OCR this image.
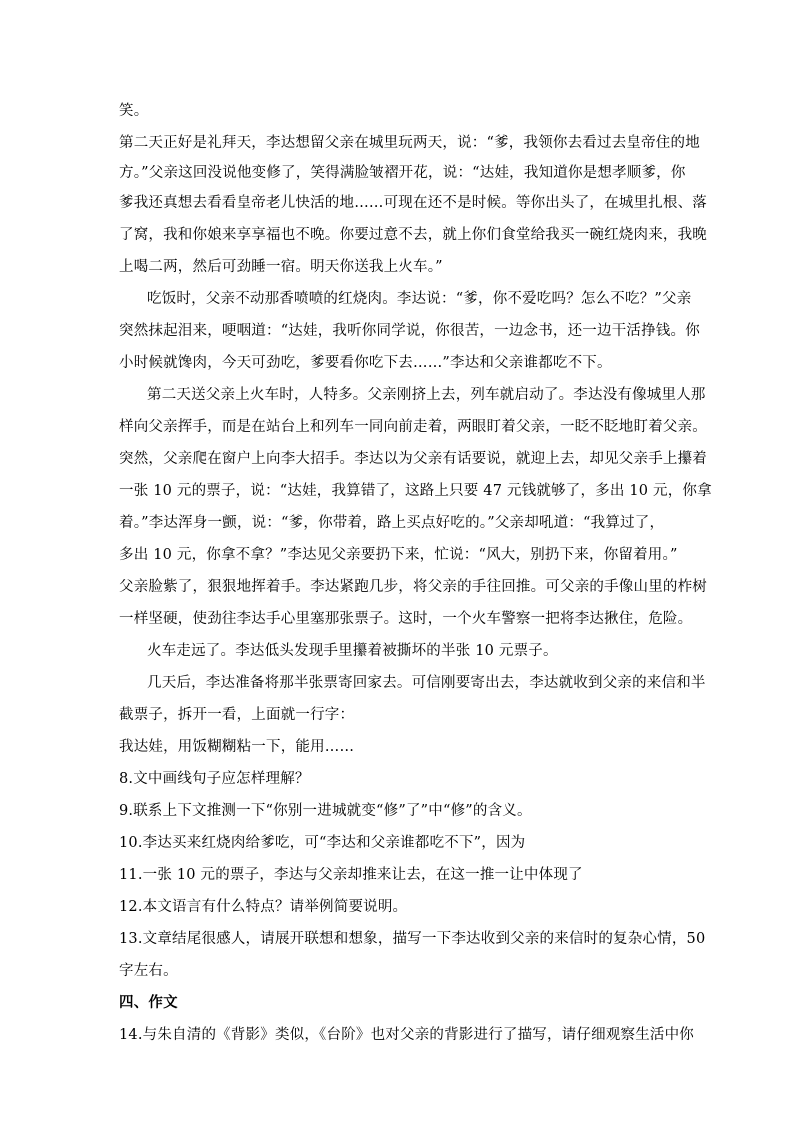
笑。
第二天正好是礼拜天，李达想留父亲在城里玩两天，说：“爹，我领你去看过去皇帝住的地
方。”父亲这回没说他变修了，笑得满脸皱褶开花，说：“达娃，我知道你是想孝顺爹，你
爹我还真想去看看皇帝老儿快活的地……可现在还不是时候。等你出头了，在城里扎根、落
了窝，我和你娘来享享福也不晚。你要过意不去，就上你们食堂给我买一碗红烧肉来，我晚
上喝二两，然后可劲睡一宿。明天你送我上火车。”
吃饭时，父亲不动那香喷喷的红烧肉。李达说：“爹，你不爱吃吗？怎么不吃？”父亲
突然抹起泪来，哽咽道：“达娃，我听你同学说，你很苦，一边念书，还一边干活挣钱。你
小时候就馋肉，今天可劲吃，爹要看你吃下去……”李达和父亲谁都吃不下。
第二天送父亲上火车时，人特多。父亲刚挤上去，列车就启动了。李达没有像城里人那
样向父亲挥手，而是在站台上和列车一同向前走着，两眼盯着父亲，一眨不眨地盯着父亲。
突然，父亲爬在窗户上向李大招手。李达以为父亲有话要说，就迎上去，却见父亲手上攥着
一张 10 元的票子，说：“达娃，我算错了，这路上只要 47 元钱就够了，多出 10 元，你拿
着。”李达浑身一颤，说：“爹，你带着，路上买点好吃的。”父亲却吼道：“我算过了，
多出 10 元，你拿不拿？”李达见父亲要扔下来，忙说：“风大，别扔下来，你留着用。”
父亲脸紫了，狠狠地挥着手。李达紧跑几步，将父亲的手往回推。可父亲的手像山里的柞树
一样坚硬，使劲往李达手心里塞那张票子。这时，一个火车警察一把将李达揪住，危险。
火车走远了。李达低头发现手里攥着被撕坏的半张 10 元票子。
几天后，李达准备将那半张票寄回家去。可信刚要寄出去，李达就收到父亲的来信和半
截票子，拆开一看，上面就一行字：
我达娃，用饭糊糊粘一下，能用……
8.文中画线句子应怎样理解？
9.联系上下文推测一下“你别一进城就变“修”了”中“修”的含义。
10.李达买来红烧肉给爹吃，可“李达和父亲谁都吃不下”，因为
11.一张 10 元的票子，李达与父亲却推来让去，在这一推一让中体现了
12.本文语言有什么特点？请举例简要说明。
13.文章结尾很感人，请展开联想和想象，描写一下李达收到父亲的来信时的复杂心情，50
字左右。
四、作文
14.与朱自清的《背影》类似，《台阶》也对父亲的背影进行了描写，请仔细观察生活中你
